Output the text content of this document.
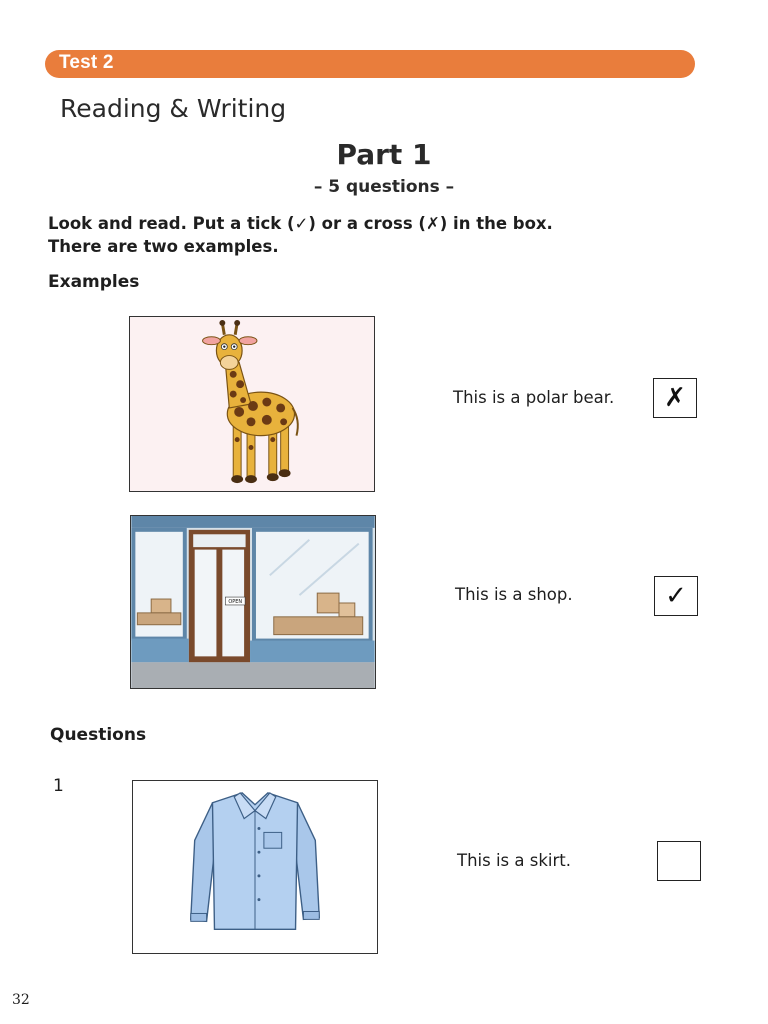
Test 2
Reading & Writing
Part 1
– 5 questions –
Look and read. Put a tick (✓) or a cross (✗) in the box.
There are two examples.
Examples
This is a polar bear. ✗
OPEN	This is a shop.	✓
Questions
1
This is a skirt.
32
